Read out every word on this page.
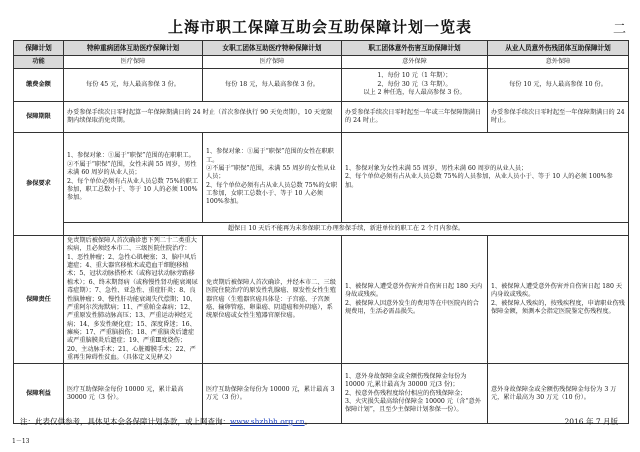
上海市职工保障互助会互助保障计划一览表	二
保障计划	特种重病团体互助医疗保障计划	女职工团体互助医疗特种保障计划	职工团体意外伤害互助保障计划	从业人员意外伤残团体互助保障计划
功能	医疗保障	医疗保障	意外保障	意外保障
缴费金额	每份 45 元，每人最高参保 3 份。	每份 18 元，每人最高参保 3 份。	1、每份 10 元（1 年期）；
2、每份 30 元（3 年期）。
以上 2 种任选，每人最高参保 3 份。	每份 10 元，每人最高参保 10 份。
保障期限	办妥参保手续次日零时起算一年保障期满日的 24 时止（首次参保执行 90 天免责期），10 天宽限期内续保取消免责期。		办妥参保手续次日零时起至一年或三年保障期满日的 24 时止。	办妥参保手续次日零时起至一年保障期满日的 24 时止。
参保要求	1、参保对象：①属于“职保”范围的在职职工。
②不属于“职保”范围，女性未满 55 周岁，男性未满 60 周岁的从业人员；
2、每个单位必须有占从业人员总数 75%的职工参加，职工总数小于、等于 10 人的必须 100%参加。	1、参保对象：①属于“职保”范围的女性在职职工。
②不属于“职保”范围，未满 55 周岁的女性从业人员；
2、每个单位必须有占从业人员总数 75%的女职工参加，女职工总数小于、等于 10 人必须 100%参加。	1、参保对象为女性未满 55 周岁，男性未满 60 周岁的从业人员；
2、每个单位必须有占从业人员总数 75%的人员参加，从业人员小于、等于 10 人的必须 100%参加。	

	超保日 10 天后不能再为未参保职工办理参保手续，新进单位的职工在 2 个月内参保。			
保障责任	免责期后被保障人首次确诊患下列二十二类重大疾病，且必须经本市二、三级医院住院治疗：1、恶性肿瘤；2、急性心肌梗塞；3、脑中风后遗症；4、重大器官移植术或造血干细胞移植术；5、冠状动脉搭桥术（或称冠状动脉旁路移植术）；6、终末期肾病（或称慢性肾功能衰竭尿毒症期）；7、急性、亚急性、重症肝炎；8、良性脑肿瘤；9、慢性肝功能衰竭失代偿期；10、严重阿尔茨海默病；11、严重帕金森病；12、严重原发性肺动脉高压；13、严重运动神经元病；14、多发性硬化症；15、深度昏迷；16、瘫痪；17、严重脑损伤；18、严重脑炎后遗症或严重脑膜炎后遗症；19、严重Ⅲ度烧伤；20、主动脉手术；21、心脏瓣膜手术；22、严重再生障碍性贫血。（具体定义见释义）	免责期后被保障人首次确诊，并经本市二、三级医院住院治疗的原发性乳腺癌、原发性女性生殖器官癌（生殖器官癌具体是：子宫癌、子宫颈癌、输卵管癌、卵巢癌、阴道癌和外阴癌），系统原位癌或女性生殖器官原位癌。	1、被保障人遭受意外伤害并自伤害日起 180 天内身故或残疾。
2、被保障人因意外发生的费用等在中医院内的合规费用，生活必需品损失。	1、被保障人遭受意外伤害并自伤害日起 180 天内身故或残疾。
2、被保障人残疾的，按残疾程度，申请职业伤残保障金额，须测本会指定医院鉴定伤残程度。

保障利益	医疗互助保障金每份 10000 元，累计最高 30000 元（3 份）。	医疗互助保障金每份为 10000 元，累计最高 3 万元（3 份）。	1、意外身故保障金或全额伤残保障金每份为 10000 元,累计最高为 30000 元(3 份)；
2、按意外伤残程度给付相应的伤残保障金；
3、火灾损失最高给付保障金 10000 元（含“意外保障计划”，且至少主保障计划参保一份）。	意外身故保障金或全额伤残保障金每份为 3 万元，累计最高为 30 万元（10 份）。
注：此表仅供参考，具体见本会各保障计划条款，或上网查询：www.shzhbh.org.cn。	2016 年 7 月版
1－13
